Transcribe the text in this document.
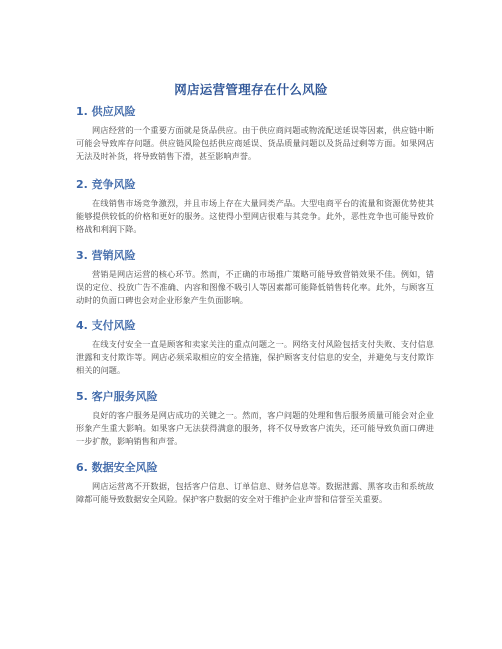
网店运营管理存在什么风险
1. 供应风险

网店经营的一个重要方面就是货品供应。由于供应商问题或物流配送延误等因素，供应链中断可能会导致库存问题。供应链风险包括供应商延误、货品质量问题以及货品过剩等方面。如果网店无法及时补货，将导致销售下滑，甚至影响声誉。

2. 竞争风险

在线销售市场竞争激烈，并且市场上存在大量同类产品。大型电商平台的流量和资源优势使其能够提供较低的价格和更好的服务。这使得小型网店很难与其竞争。此外，恶性竞争也可能导致价格战和利润下降。

3. 营销风险

营销是网店运营的核心环节。然而，不正确的市场推广策略可能导致营销效果不佳。例如，错误的定位、投放广告不准确、内容和图像不吸引人等因素都可能降低销售转化率。此外，与顾客互动时的负面口碑也会对企业形象产生负面影响。

4. 支付风险

在线支付安全一直是顾客和卖家关注的重点问题之一。网络支付风险包括支付失败、支付信息泄露和支付欺诈等。网店必须采取相应的安全措施，保护顾客支付信息的安全，并避免与支付欺诈相关的问题。

5. 客户服务风险

良好的客户服务是网店成功的关键之一。然而，客户问题的处理和售后服务质量可能会对企业形象产生重大影响。如果客户无法获得满意的服务，将不仅导致客户流失，还可能导致负面口碑进一步扩散，影响销售和声誉。

6. 数据安全风险

网店运营离不开数据，包括客户信息、订单信息、财务信息等。数据泄露、黑客攻击和系统故障都可能导致数据安全风险。保护客户数据的安全对于维护企业声誉和信誉至关重要。
